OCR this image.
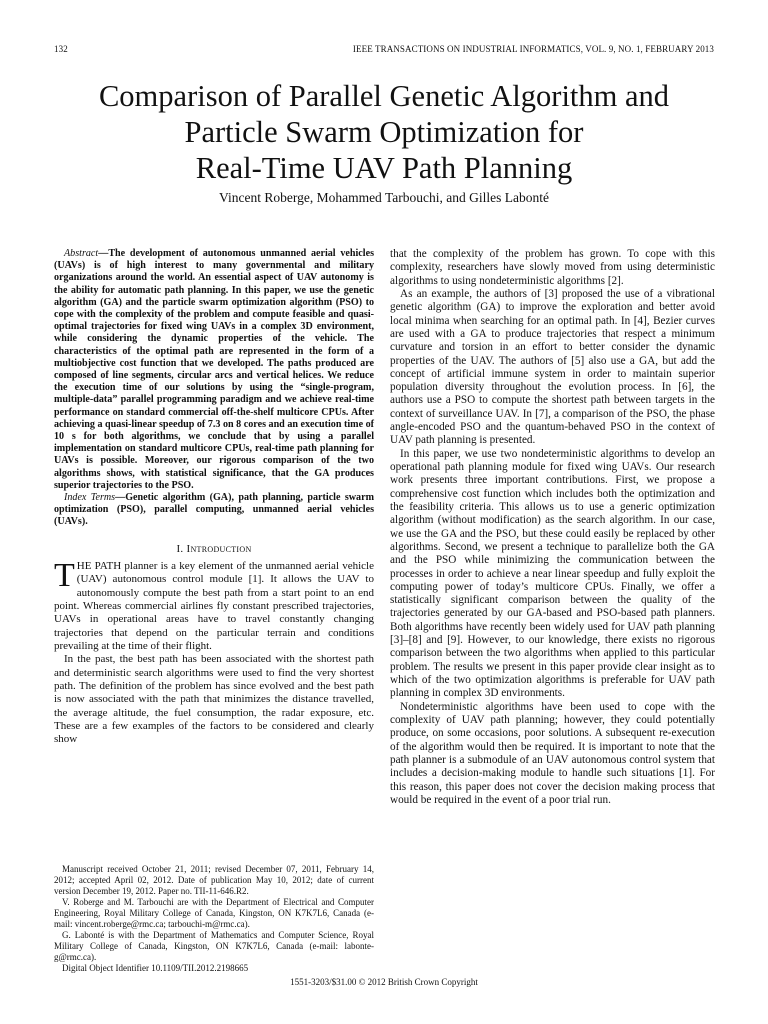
132	IEEE TRANSACTIONS ON INDUSTRIAL INFORMATICS, VOL. 9, NO. 1, FEBRUARY 2013
Comparison of Parallel Genetic Algorithm and
Particle Swarm Optimization for
Real-Time UAV Path Planning
Vincent Roberge, Mohammed Tarbouchi, and Gilles Labonté

Abstract—The development of autonomous unmanned aerial vehicles (UAVs) is of high interest to many governmental and military organizations around the world. An essential aspect of UAV autonomy is the ability for automatic path planning. In this paper, we use the genetic algorithm (GA) and the particle swarm optimization algorithm (PSO) to cope with the complexity of the problem and compute feasible and quasi-optimal trajectories for fixed wing UAVs in a complex 3D environment, while considering the dynamic properties of the vehicle. The characteristics of the optimal path are represented in the form of a multiobjective cost function that we developed. The paths produced are composed of line segments, circular arcs and vertical helices. We reduce the execution time of our solutions by using the “single-program, multiple-data” parallel programming paradigm and we achieve real-time performance on standard commercial off-the-shelf multicore CPUs. After achieving a quasi-linear speedup of 7.3 on 8 cores and an execution time of 10 s for both algorithms, we conclude that by using a parallel implementation on standard multicore CPUs, real-time path planning for UAVs is possible. Moreover, our rigorous comparison of the two algorithms shows, with statistical significance, that the GA produces superior trajectories to the PSO.

Index Terms—Genetic algorithm (GA), path planning, particle swarm optimization (PSO), parallel computing, unmanned aerial vehicles (UAVs).

I. Introduction

THE PATH planner is a key element of the unmanned aerial vehicle (UAV) autonomous control module [1]. It allows the UAV to autonomously compute the best path from a start point to an end point. Whereas commercial airlines fly constant prescribed trajectories, UAVs in operational areas have to travel constantly changing trajectories that depend on the particular terrain and conditions prevailing at the time of their flight.

In the past, the best path has been associated with the shortest path and deterministic search algorithms were used to find the very shortest path. The definition of the problem has since evolved and the best path is now associated with the path that minimizes the distance travelled, the average altitude, the fuel consumption, the radar exposure, etc. These are a few examples of the factors to be considered and clearly show

Manuscript received October 21, 2011; revised December 07, 2011, February 14, 2012; accepted April 02, 2012. Date of publication May 10, 2012; date of current version December 19, 2012. Paper no. TII-11-646.R2.

V. Roberge and M. Tarbouchi are with the Department of Electrical and Computer Engineering, Royal Military College of Canada, Kingston, ON K7K7L6, Canada (e-mail: vincent.roberge@rmc.ca; tarbouchi-m@rmc.ca).

G. Labonté is with the Department of Mathematics and Computer Science, Royal Military College of Canada, Kingston, ON K7K7L6, Canada (e-mail: labonte-g@rmc.ca).

Digital Object Identifier 10.1109/TII.2012.2198665

that the complexity of the problem has grown. To cope with this complexity, researchers have slowly moved from using deterministic algorithms to using nondeterministic algorithms [2].

As an example, the authors of [3] proposed the use of a vibrational genetic algorithm (GA) to improve the exploration and better avoid local minima when searching for an optimal path. In [4], Bezier curves are used with a GA to produce trajectories that respect a minimum curvature and torsion in an effort to better consider the dynamic properties of the UAV. The authors of [5] also use a GA, but add the concept of artificial immune system in order to maintain superior population diversity throughout the evolution process. In [6], the authors use a PSO to compute the shortest path between targets in the context of surveillance UAV. In [7], a comparison of the PSO, the phase angle-encoded PSO and the quantum-behaved PSO in the context of UAV path planning is presented.

In this paper, we use two nondeterministic algorithms to develop an operational path planning module for fixed wing UAVs. Our research work presents three important contributions. First, we propose a comprehensive cost function which includes both the optimization and the feasibility criteria. This allows us to use a generic optimization algorithm (without modification) as the search algorithm. In our case, we use the GA and the PSO, but these could easily be replaced by other algorithms. Second, we present a technique to parallelize both the GA and the PSO while minimizing the communication between the processes in order to achieve a near linear speedup and fully exploit the computing power of today’s multicore CPUs. Finally, we offer a statistically significant comparison between the quality of the trajectories generated by our GA-based and PSO-based path planners. Both algorithms have recently been widely used for UAV path planning [3]–[8] and [9]. However, to our knowledge, there exists no rigorous comparison between the two algorithms when applied to this particular problem. The results we present in this paper provide clear insight as to which of the two optimization algorithms is preferable for UAV path planning in complex 3D environments.

Nondeterministic algorithms have been used to cope with the complexity of UAV path planning; however, they could potentially produce, on some occasions, poor solutions. A subsequent re-execution of the algorithm would then be required. It is important to note that the path planner is a submodule of an UAV autonomous control system that includes a decision-making module to handle such situations [1]. For this reason, this paper does not cover the decision making process that would be required in the event of a poor trial run.

1551-3203/$31.00 © 2012 British Crown Copyright
